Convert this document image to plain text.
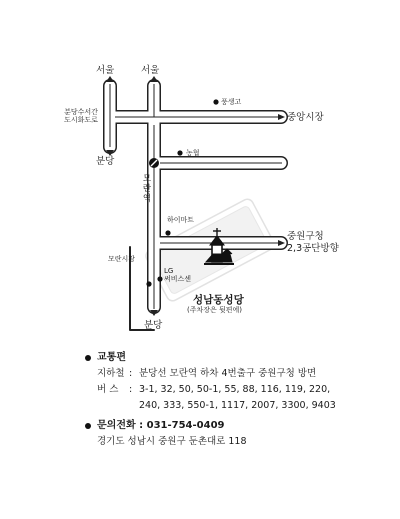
서울	서울
분당수서간 도시화도로
분당
풍생고
중앙시장
농협
모란역
하이마트
중원구청
2,3공단방향
모란시장
LG
써비스센
성남동성당
(주차장은 뒷편에)
분당
교통편
지하철 : 분당선 모란역 하차 4번출구 중원구청 방면
버 스 : 3-1, 32, 50, 50-1, 55, 88, 116, 119, 220,
240, 333, 550-1, 1117, 2007, 3300, 9403
문의전화 : 031-754-0409
경기도 성남시 중원구 둔촌대로 118
